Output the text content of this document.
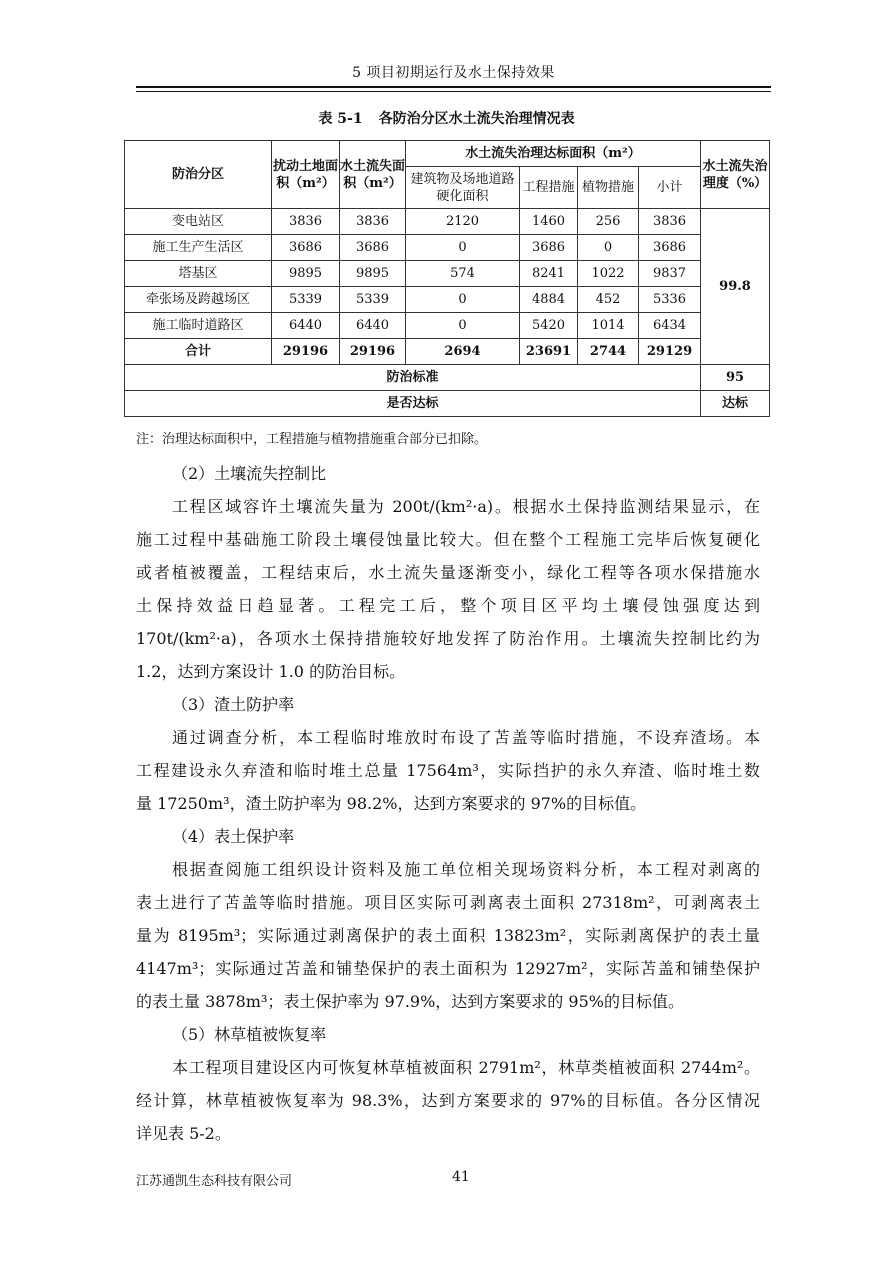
5 项目初期运行及水土保持效果
表 5-1 各防治分区水土流失治理情况表
防治分区	扰动土地面积（m²）	水土流失面积（m²）	水土流失治理达标面积（m²）				水土流失治理度（%）
			建筑物及场地道路硬化面积	工程措施	植物措施	小计	
变电站区	3836	3836	2120	1460	256	3836	99.8
施工生产生活区	3686	3686	0	3686	0	3686	
塔基区	9895	9895	574	8241	1022	9837	
牵张场及跨越场区	5339	5339	0	4884	452	5336	
施工临时道路区	6440	6440	0	5420	1014	6434	
合计	29196	29196	2694	23691	2744	29129	
防治标准							95
是否达标							达标
注：治理达标面积中，工程措施与植物措施重合部分已扣除。
（2）土壤流失控制比
工程区域容许土壤流失量为 200t/(km²·a)。根据水土保持监测结果显示，在
施工过程中基础施工阶段土壤侵蚀量比较大。但在整个工程施工完毕后恢复硬化
或者植被覆盖，工程结束后，水土流失量逐渐变小，绿化工程等各项水保措施水
土保持效益日趋显著。工程完工后，整个项目区平均土壤侵蚀强度达到
170t/(km²·a)，各项水土保持措施较好地发挥了防治作用。土壤流失控制比约为
1.2，达到方案设计 1.0 的防治目标。
（3）渣土防护率
通过调查分析，本工程临时堆放时布设了苫盖等临时措施，不设弃渣场。本
工程建设永久弃渣和临时堆土总量 17564m³，实际挡护的永久弃渣、临时堆土数
量 17250m³，渣土防护率为 98.2%，达到方案要求的 97%的目标值。
（4）表土保护率
根据查阅施工组织设计资料及施工单位相关现场资料分析，本工程对剥离的
表土进行了苫盖等临时措施。项目区实际可剥离表土面积 27318m²，可剥离表土
量为 8195m³；实际通过剥离保护的表土面积 13823m²，实际剥离保护的表土量
4147m³；实际通过苫盖和铺垫保护的表土面积为 12927m²，实际苫盖和铺垫保护
的表土量 3878m³；表土保护率为 97.9%，达到方案要求的 95%的目标值。
（5）林草植被恢复率
本工程项目建设区内可恢复林草植被面积 2791m²，林草类植被面积 2744m²。
经计算，林草植被恢复率为 98.3%，达到方案要求的 97%的目标值。各分区情况
详见表 5-2。
江苏通凯生态科技有限公司	41
